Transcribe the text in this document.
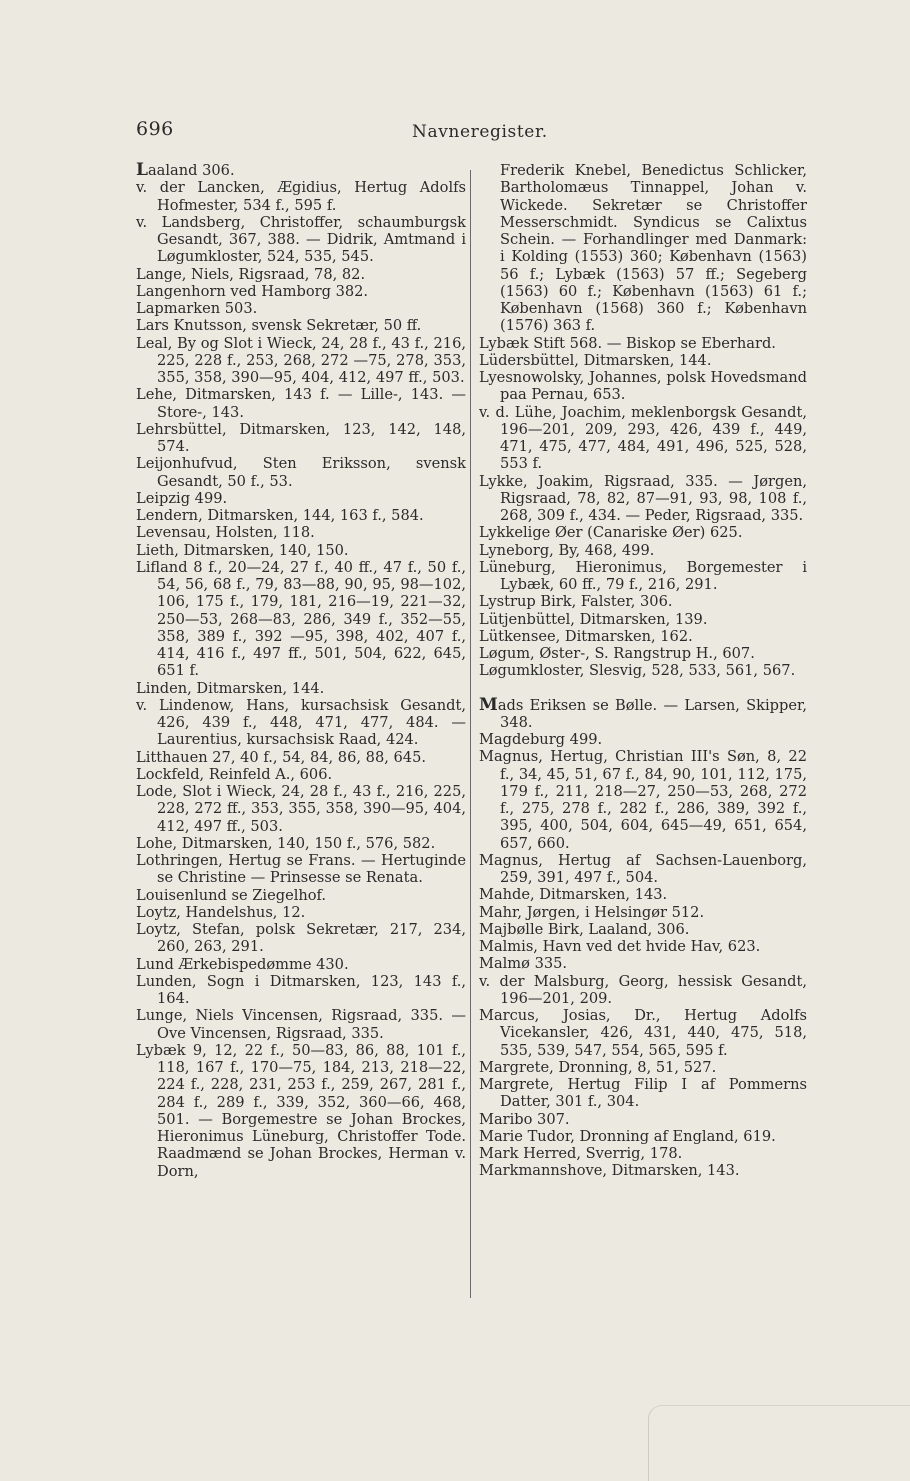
696	Navneregister.
Laaland 306.
v. der Lancken, Ægidius, Hertug Adolfs Hofmester, 534 f., 595 f.
v. Landsberg, Christoffer, schaumburgsk Gesandt, 367, 388. — Didrik, Amtmand i Løgumkloster, 524, 535, 545.
Lange, Niels, Rigsraad, 78, 82.
Langenhorn ved Hamborg 382.
Lapmarken 503.
Lars Knutsson, svensk Sekretær, 50 ff.
Leal, By og Slot i Wieck, 24, 28 f., 43 f., 216, 225, 228 f., 253, 268, 272 —75, 278, 353, 355, 358, 390—95, 404, 412, 497 ff., 503.
Lehe, Ditmarsken, 143 f. — Lille-, 143. — Store-, 143.
Lehrsbüttel, Ditmarsken, 123, 142, 148, 574.
Leijonhufvud, Sten Eriksson, svensk Gesandt, 50 f., 53.
Leipzig 499.
Lendern, Ditmarsken, 144, 163 f., 584.
Levensau, Holsten, 118.
Lieth, Ditmarsken, 140, 150.
Lifland 8 f., 20—24, 27 f., 40 ff., 47 f., 50 f., 54, 56, 68 f., 79, 83—88, 90, 95, 98—102, 106, 175 f., 179, 181, 216—19, 221—32, 250—53, 268—83, 286, 349 f., 352—55, 358, 389 f., 392 —95, 398, 402, 407 f., 414, 416 f., 497 ff., 501, 504, 622, 645, 651 f.
Linden, Ditmarsken, 144.
v. Lindenow, Hans, kursachsisk Gesandt, 426, 439 f., 448, 471, 477, 484. — Laurentius, kursachsisk Raad, 424.
Litthauen 27, 40 f., 54, 84, 86, 88, 645.
Lockfeld, Reinfeld A., 606.
Lode, Slot i Wieck, 24, 28 f., 43 f., 216, 225, 228, 272 ff., 353, 355, 358, 390—95, 404, 412, 497 ff., 503.
Lohe, Ditmarsken, 140, 150 f., 576, 582.
Lothringen, Hertug se Frans. — Hertuginde se Christine — Prinsesse se Renata.
Louisenlund se Ziegelhof.
Loytz, Handelshus, 12.
Loytz, Stefan, polsk Sekretær, 217, 234, 260, 263, 291.
Lund Ærkebispedømme 430.
Lunden, Sogn i Ditmarsken, 123, 143 f., 164.
Lunge, Niels Vincensen, Rigsraad, 335. — Ove Vincensen, Rigsraad, 335.
Lybæk 9, 12, 22 f., 50—83, 86, 88, 101 f., 118, 167 f., 170—75, 184, 213, 218—22, 224 f., 228, 231, 253 f., 259, 267, 281 f., 284 f., 289 f., 339, 352, 360—66, 468, 501. — Borgemestre se Johan Brockes, Hieronimus Lüneburg, Christoffer Tode. Raadmænd se Johan Brockes, Herman v. Dorn,
Frederik Knebel, Benedictus Schlicker, Bartholomæus Tinnappel, Johan v. Wickede. Sekretær se Christoffer Messerschmidt. Syndicus se Calixtus Schein. — Forhandlinger med Danmark: i Kolding (1553) 360; København (1563) 56 f.; Lybæk (1563) 57 ff.; Segeberg (1563) 60 f.; København (1563) 61 f.; København (1568) 360 f.; København (1576) 363 f.
Lybæk Stift 568. — Biskop se Eberhard.
Lüdersbüttel, Ditmarsken, 144.
Lyesnowolsky, Johannes, polsk Hovedsmand paa Pernau, 653.
v. d. Lühe, Joachim, meklenborgsk Gesandt, 196—201, 209, 293, 426, 439 f., 449, 471, 475, 477, 484, 491, 496, 525, 528, 553 f.
Lykke, Joakim, Rigsraad, 335. — Jørgen, Rigsraad, 78, 82, 87—91, 93, 98, 108 f., 268, 309 f., 434. — Peder, Rigsraad, 335.
Lykkelige Øer (Canariske Øer) 625.
Lyneborg, By, 468, 499.
Lüneburg, Hieronimus, Borgemester i Lybæk, 60 ff., 79 f., 216, 291.
Lystrup Birk, Falster, 306.
Lütjenbüttel, Ditmarsken, 139.
Lütkensee, Ditmarsken, 162.
Løgum, Øster-, S. Rangstrup H., 607.
Løgumkloster, Slesvig, 528, 533, 561, 567.
Mads Eriksen se Bølle. — Larsen, Skipper, 348.
Magdeburg 499.
Magnus, Hertug, Christian III's Søn, 8, 22 f., 34, 45, 51, 67 f., 84, 90, 101, 112, 175, 179 f., 211, 218—27, 250—53, 268, 272 f., 275, 278 f., 282 f., 286, 389, 392 f., 395, 400, 504, 604, 645—49, 651, 654, 657, 660.
Magnus, Hertug af Sachsen-Lauenborg, 259, 391, 497 f., 504.
Mahde, Ditmarsken, 143.
Mahr, Jørgen, i Helsingør 512.
Majbølle Birk, Laaland, 306.
Malmis, Havn ved det hvide Hav, 623.
Malmø 335.
v. der Malsburg, Georg, hessisk Gesandt, 196—201, 209.
Marcus, Josias, Dr., Hertug Adolfs Vicekansler, 426, 431, 440, 475, 518, 535, 539, 547, 554, 565, 595 f.
Margrete, Dronning, 8, 51, 527.
Margrete, Hertug Filip I af Pommerns Datter, 301 f., 304.
Maribo 307.
Marie Tudor, Dronning af England, 619.
Mark Herred, Sverrig, 178.
Markmannshove, Ditmarsken, 143.
